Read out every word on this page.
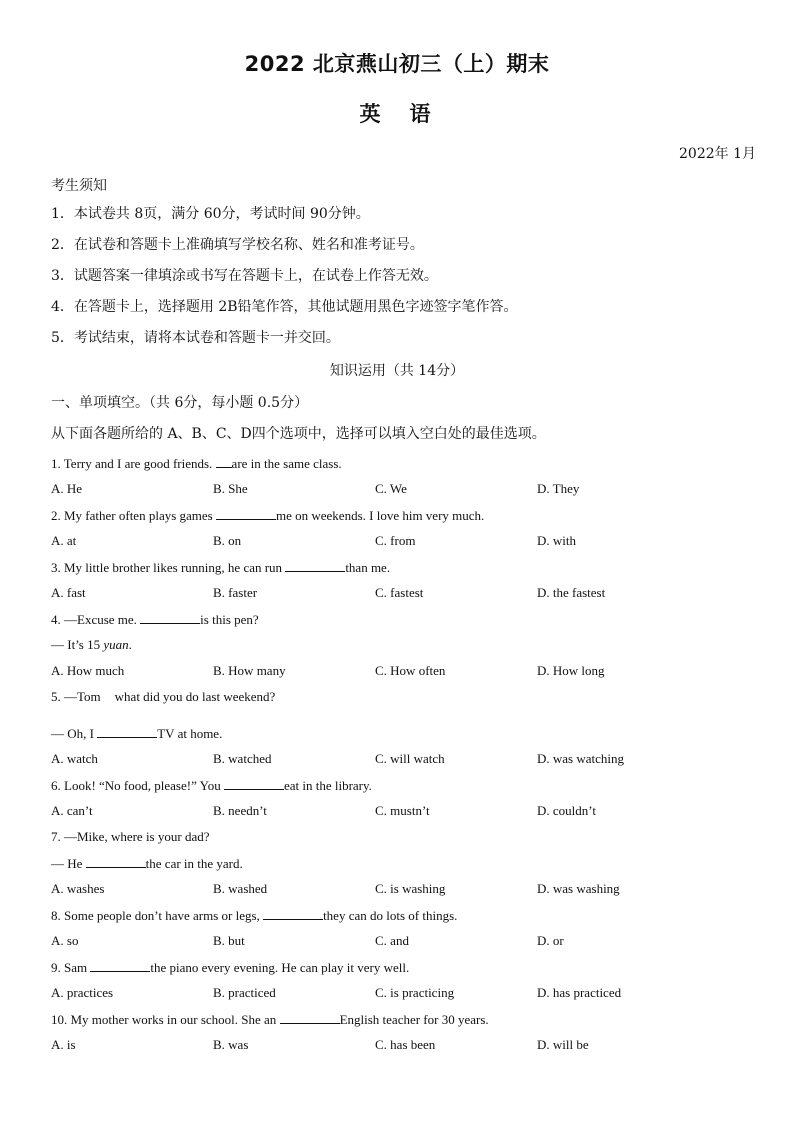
2022 北京燕山初三（上）期末
英　语
2022年 1月
考生须知
1．本试卷共 8页，满分 60分，考试时间 90分钟。
2．在试卷和答题卡上准确填写学校名称、姓名和准考证号。
3．试题答案一律填涂或书写在答题卡上，在试卷上作答无效。
4．在答题卡上，选择题用 2B铅笔作答，其他试题用黑色字迹签字笔作答。
5．考试结束，请将本试卷和答题卡一并交回。
知识运用（共 14分）
一、单项填空。（共 6分，每小题 0.5分）
从下面各题所给的 A、B、C、D四个选项中，选择可以填入空白处的最佳选项。
1. Terry and I are good friends. are in the same class.
A. He	B. She	C. We	D. They
2. My father often plays games	me on weekends. I love him very much.
A. at	B. on	C. from	D. with
3. My little brother likes running, he can run	than me.
A. fast	B. faster	C. fastest	D. the fastest
4. —Excuse me.	is this pen?
— It’s 15 yuan.
A. How much	B. How many	C. How often	D. How long
5. —Tom what did you do last weekend?
— Oh, I	TV at home.
A. watch	B. watched	C. will watch	D. was watching
6. Look! “No food, please!” You	eat in the library.
A. can’t	B. needn’t	C. mustn’t	D. couldn’t
7. —Mike, where is your dad?
— He	the car in the yard.
A. washes	B. washed	C. is washing	D. was washing
8. Some people don’t have arms or legs,	they can do lots of things.
A. so	B. but	C. and	D. or
9. Sam	the piano every evening. He can play it very well.
A. practices	B. practiced	C. is practicing	D. has practiced
10. My mother works in our school. She an	English teacher for 30 years.
A. is	B. was	C. has been	D. will be
